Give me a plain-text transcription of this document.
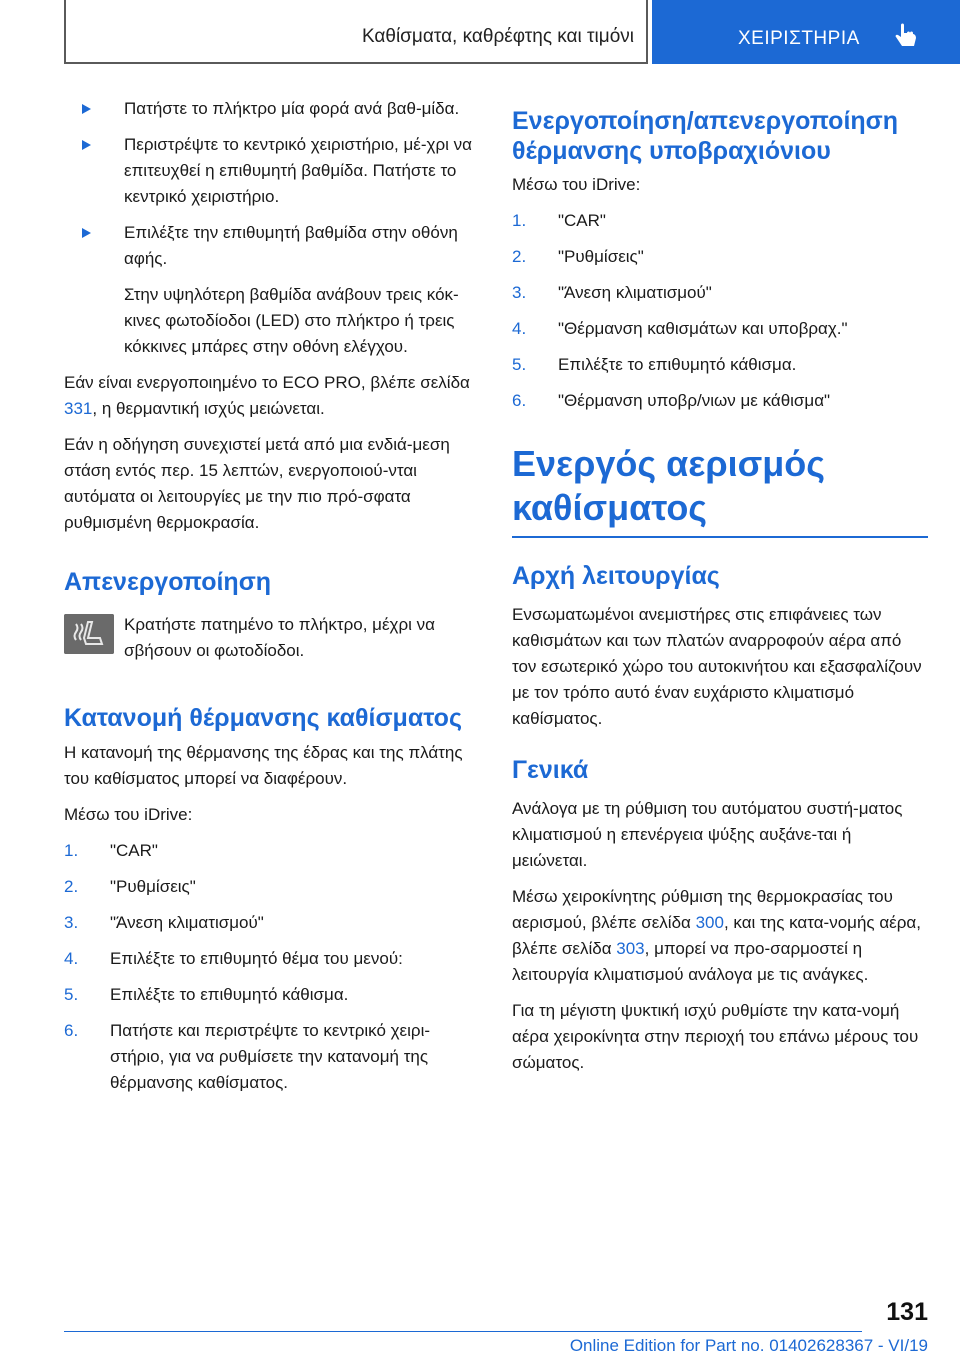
Καθίσματα, καθρέφτης και τιμόνι	ΧΕΙΡΙΣΤΗΡΙΑ
Πατήστε το πλήκτρο μία φορά ανά βαθ-μίδα.
Περιστρέψτε το κεντρικό χειριστήριο, μέ-χρι να επιτευχθεί η επιθυμητή βαθμίδα. Πατήστε το κεντρικό χειριστήριο.
Επιλέξτε την επιθυμητή βαθμίδα στην οθόνη αφής.

Στην υψηλότερη βαθμίδα ανάβουν τρεις κόκ-κινες φωτοδίοδοι (LED) στο πλήκτρο ή τρεις κόκκινες μπάρες στην οθόνη ελέγχου.

Εάν είναι ενεργοποιημένο το ECO PRO, βλέπε σελίδα 331, η θερμαντική ισχύς μειώνεται.

Εάν η οδήγηση συνεχιστεί μετά από μια ενδιά-μεση στάση εντός περ. 15 λεπτών, ενεργοποιού-νται αυτόματα οι λειτουργίες με την πιο πρό-σφατα ρυθμισμένη θερμοκρασία.

Απενεργοποίηση
Κρατήστε πατημένο το πλήκτρο, μέχρι να σβήσουν οι φωτοδίοδοι.
Κατανομή θέρμανσης καθίσματος

Η κατανομή της θέρμανσης της έδρας και της πλάτης του καθίσματος μπορεί να διαφέρουν.

Μέσω του iDrive:

1. "CAR"
2. "Ρυθμίσεις"
3. "Άνεση κλιματισμού"
4. Επιλέξτε το επιθυμητό θέμα του μενού:
5. Επιλέξτε το επιθυμητό κάθισμα.
6. Πατήστε και περιστρέψτε το κεντρικό χειρι-στήριο, για να ρυθμίσετε την κατανομή της θέρμανσης καθίσματος.
Ενεργοποίηση/απενεργοποίηση θέρμανσης υποβραχιόνιου

Μέσω του iDrive:

1. "CAR"
2. "Ρυθμίσεις"
3. "Άνεση κλιματισμού"
4. "Θέρμανση καθισμάτων και υποβραχ."
5. Επιλέξτε το επιθυμητό κάθισμα.
6. "Θέρμανση υποβρ/νιων με κάθισμα"
Ενεργός αερισμός καθίσματος
Αρχή λειτουργίας

Ενσωματωμένοι ανεμιστήρες στις επιφάνειες των καθισμάτων και των πλατών αναρροφούν αέρα από τον εσωτερικό χώρο του αυτοκινήτου και εξασφαλίζουν με τον τρόπο αυτό έναν ευχάριστο κλιματισμό καθίσματος.

Γενικά

Ανάλογα με τη ρύθμιση του αυτόματου συστή-ματος κλιματισμού η επενέργεια ψύξης αυξάνε-ται ή μειώνεται.

Μέσω χειροκίνητης ρύθμιση της θερμοκρασίας του αερισμού, βλέπε σελίδα 300, και της κατα-νομής αέρα, βλέπε σελίδα 303, μπορεί να προ-σαρμοστεί η λειτουργία κλιματισμού ανάλογα με τις ανάγκες.

Για τη μέγιστη ψυκτική ισχύ ρυθμίστε την κατα-νομή αέρα χειροκίνητα στην περιοχή του επάνω μέρους του σώματος.

131
Online Edition for Part no. 01402628367 - VI/19
